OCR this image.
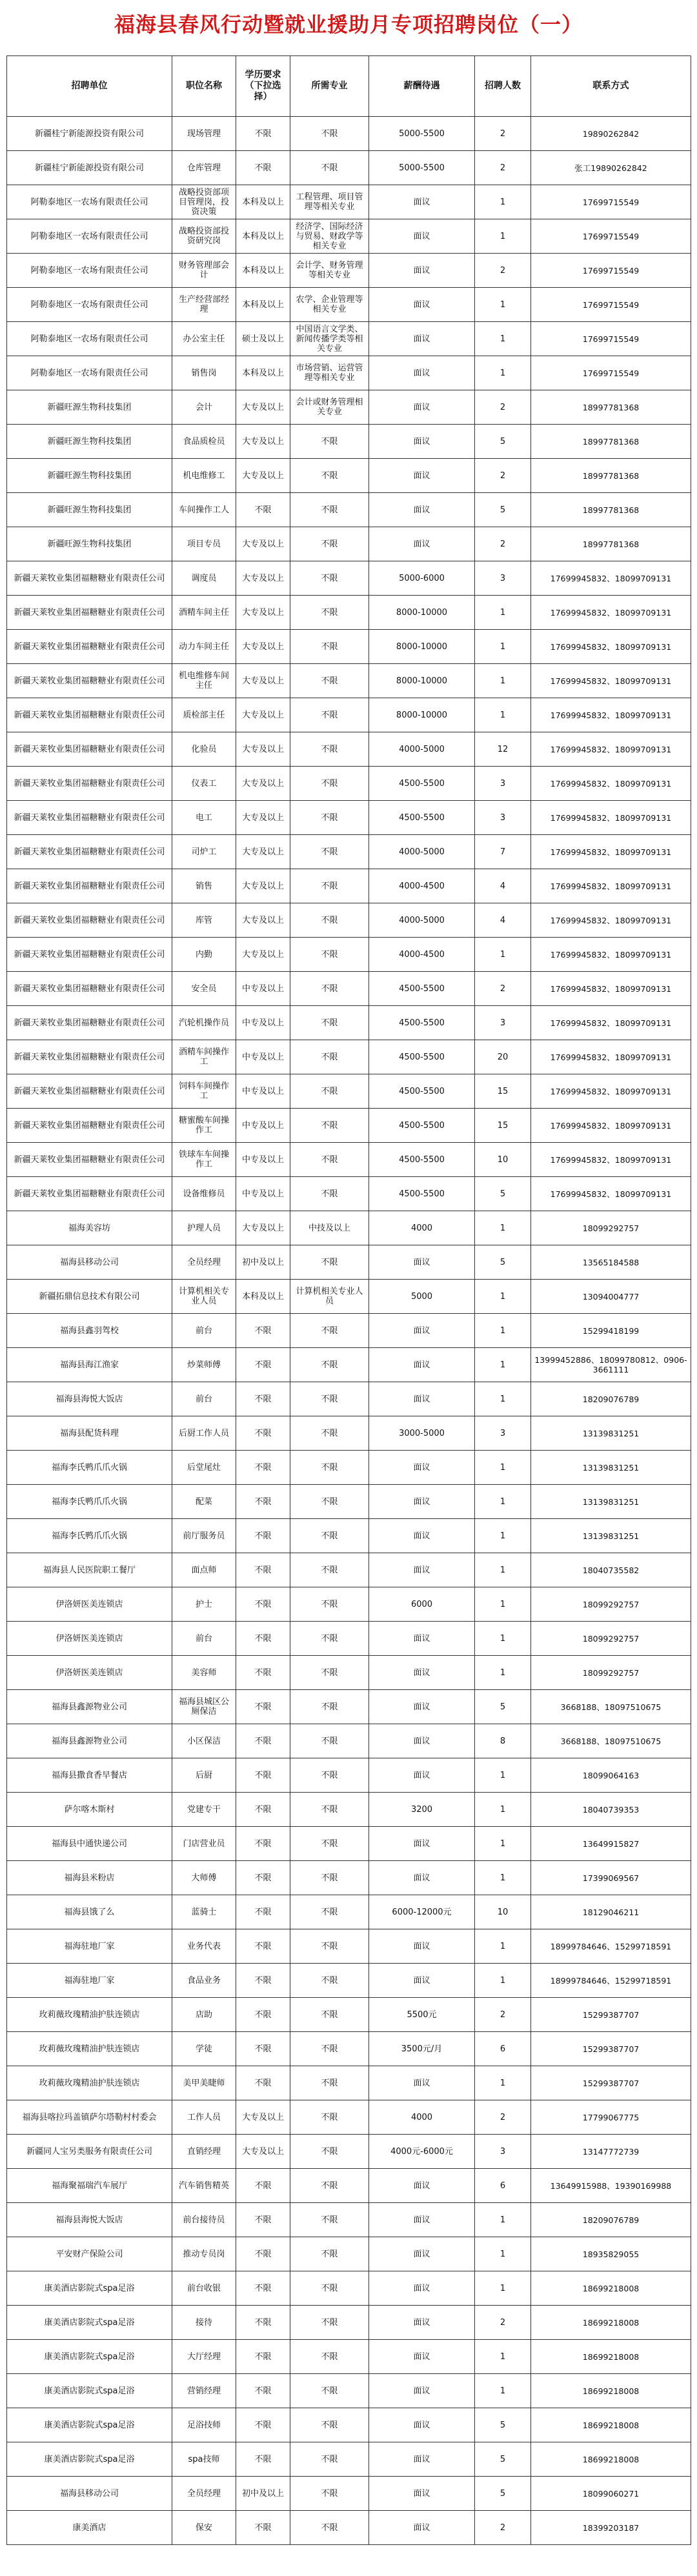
福海县春风行动暨就业援助月专项招聘岗位（一）
招聘单位	职位名称	学历要求（下拉选择）	所需专业	薪酬待遇	招聘人数	联系方式
新疆桂宁新能源投资有限公司	现场管理	不限	不限	5000-5500	2	19890262842
新疆桂宁新能源投资有限公司	仓库管理	不限	不限	5000-5500	2	张工19890262842
阿勒泰地区一农场有限责任公司	战略投资部项目管理岗，投资决策	本科及以上	工程管理、项目管理等相关专业	面议	1	17699715549
阿勒泰地区一农场有限责任公司	战略投资部投资研究岗	本科及以上	经济学、国际经济与贸易、财政学等相关专业	面议	1	17699715549
阿勒泰地区一农场有限责任公司	财务管理部会计	本科及以上	会计学、财务管理等相关专业	面议	2	17699715549
阿勒泰地区一农场有限责任公司	生产经营部经理	本科及以上	农学、企业管理等相关专业	面议	1	17699715549
阿勒泰地区一农场有限责任公司	办公室主任	硕士及以上	中国语言文学类、新闻传播学类等相关专业	面议	1	17699715549
阿勒泰地区一农场有限责任公司	销售岗	本科及以上	市场营销、运营管理等相关专业	面议	1	17699715549
新疆旺源生物科技集团	会计	大专及以上	会计或财务管理相关专业	面议	2	18997781368
新疆旺源生物科技集团	食品质检员	大专及以上	不限	面议	5	18997781368
新疆旺源生物科技集团	机电维修工	大专及以上	不限	面议	2	18997781368
新疆旺源生物科技集团	车间操作工人	不限	不限	面议	5	18997781368
新疆旺源生物科技集团	项目专员	大专及以上	不限	面议	2	18997781368
新疆天莱牧业集团福糖糖业有限责任公司	调度员	大专及以上	不限	5000-6000	3	17699945832、18099709131
新疆天莱牧业集团福糖糖业有限责任公司	酒精车间主任	大专及以上	不限	8000-10000	1	17699945832、18099709131
新疆天莱牧业集团福糖糖业有限责任公司	动力车间主任	大专及以上	不限	8000-10000	1	17699945832、18099709131
新疆天莱牧业集团福糖糖业有限责任公司	机电维修车间主任	大专及以上	不限	8000-10000	1	17699945832、18099709131
新疆天莱牧业集团福糖糖业有限责任公司	质检部主任	大专及以上	不限	8000-10000	1	17699945832、18099709131
新疆天莱牧业集团福糖糖业有限责任公司	化验员	大专及以上	不限	4000-5000	12	17699945832、18099709131
新疆天莱牧业集团福糖糖业有限责任公司	仪表工	大专及以上	不限	4500-5500	3	17699945832、18099709131
新疆天莱牧业集团福糖糖业有限责任公司	电工	大专及以上	不限	4500-5500	3	17699945832、18099709131
新疆天莱牧业集团福糖糖业有限责任公司	司炉工	大专及以上	不限	4000-5000	7	17699945832、18099709131
新疆天莱牧业集团福糖糖业有限责任公司	销售	大专及以上	不限	4000-4500	4	17699945832、18099709131
新疆天莱牧业集团福糖糖业有限责任公司	库管	大专及以上	不限	4000-5000	4	17699945832、18099709131
新疆天莱牧业集团福糖糖业有限责任公司	内勤	大专及以上	不限	4000-4500	1	17699945832、18099709131
新疆天莱牧业集团福糖糖业有限责任公司	安全员	中专及以上	不限	4500-5500	2	17699945832、18099709131
新疆天莱牧业集团福糖糖业有限责任公司	汽轮机操作员	中专及以上	不限	4500-5500	3	17699945832、18099709131
新疆天莱牧业集团福糖糖业有限责任公司	酒精车间操作工	中专及以上	不限	4500-5500	20	17699945832、18099709131
新疆天莱牧业集团福糖糖业有限责任公司	饲料车间操作工	中专及以上	不限	4500-5500	15	17699945832、18099709131
新疆天莱牧业集团福糖糖业有限责任公司	糖蜜酸车间操作工	中专及以上	不限	4500-5500	15	17699945832、18099709131
新疆天莱牧业集团福糖糖业有限责任公司	铁球车车间操作工	中专及以上	不限	4500-5500	10	17699945832、18099709131
新疆天莱牧业集团福糖糖业有限责任公司	设备维修员	中专及以上	不限	4500-5500	5	17699945832、18099709131
福海美容坊	护理人员	大专及以上	中技及以上	4000	1	18099292757
福海县移动公司	全员经理	初中及以上	不限	面议	5	13565184588
新疆拓鼎信息技术有限公司	计算机相关专业人员	本科及以上	计算机相关专业人员	5000	1	13094004777
福海县鑫羽驾校	前台	不限	不限	面议	1	15299418199
福海县海江渔家	炒菜师傅	不限	不限	面议	1	13999452886、18099780812、0906-3661111
福海县海悦大饭店	前台	不限	不限	面议	1	18209076789
福海县配货科理	后厨工作人员	不限	不限	3000-5000	3	13139831251
福海李氏鸭爪爪火锅	后堂尾灶	不限	不限	面议	1	13139831251
福海李氏鸭爪爪火锅	配菜	不限	不限	面议	1	13139831251
福海李氏鸭爪爪火锅	前厅服务员	不限	不限	面议	1	13139831251
福海县人民医院职工餐厅	面点师	不限	不限	面议	1	18040735582
伊洛妍医美连锁店	护士	不限	不限	6000	1	18099292757
伊洛妍医美连锁店	前台	不限	不限	面议	1	18099292757
伊洛妍医美连锁店	美容师	不限	不限	面议	1	18099292757
福海县鑫源物业公司	福海县城区公厕保洁	不限	不限	面议	5	3668188、18097510675
福海县鑫源物业公司	小区保洁	不限	不限	面议	8	3668188、18097510675
福海县撒食香早餐店	后厨	不限	不限	面议	1	18099064163
萨尔喀木斯村	党建专干	不限	不限	3200	1	18040739353
福海县中通快递公司	门店营业员	不限	不限	面议	1	13649915827
福海县米粉店	大师傅	不限	不限	面议	1	17399069567
福海县饿了么	蓝骑士	不限	不限	6000-12000元	10	18129046211
福海驻地厂家	业务代表	不限	不限	面议	1	18999784646、15299718591
福海驻地厂家	食品业务	不限	不限	面议	1	18999784646、15299718591
玫莉薇玫瑰精油护肤连锁店	店助	不限	不限	5500元	2	15299387707
玫莉薇玫瑰精油护肤连锁店	学徒	不限	不限	3500元/月	6	15299387707
玫莉薇玫瑰精油护肤连锁店	美甲美睫师	不限	不限	面议	1	15299387707
福海县喀拉玛盖镇萨尔塔勒村村委会	工作人员	大专及以上	不限	4000	2	17799067775
新疆同人宝另类服务有限责任公司	直销经理	大专及以上	不限	4000元-6000元	3	13147772739
福海聚福瑞汽车展厅	汽车销售精英	不限	不限	面议	6	13649915988、19390169988
福海县海悦大饭店	前台接待员	不限	不限	面议	1	18209076789
平安财产保险公司	推动专员岗	不限	不限	面议	1	18935829055
康美酒店影院式spa足浴	前台收银	不限	不限	面议	1	18699218008
康美酒店影院式spa足浴	接待	不限	不限	面议	2	18699218008
康美酒店影院式spa足浴	大厅经理	不限	不限	面议	1	18699218008
康美酒店影院式spa足浴	营销经理	不限	不限	面议	1	18699218008
康美酒店影院式spa足浴	足浴技师	不限	不限	面议	5	18699218008
康美酒店影院式spa足浴	spa技师	不限	不限	面议	5	18699218008
福海县移动公司	全员经理	初中及以上	不限	面议	5	18099060271
康美酒店	保安	不限	不限	面议	2	18399203187
